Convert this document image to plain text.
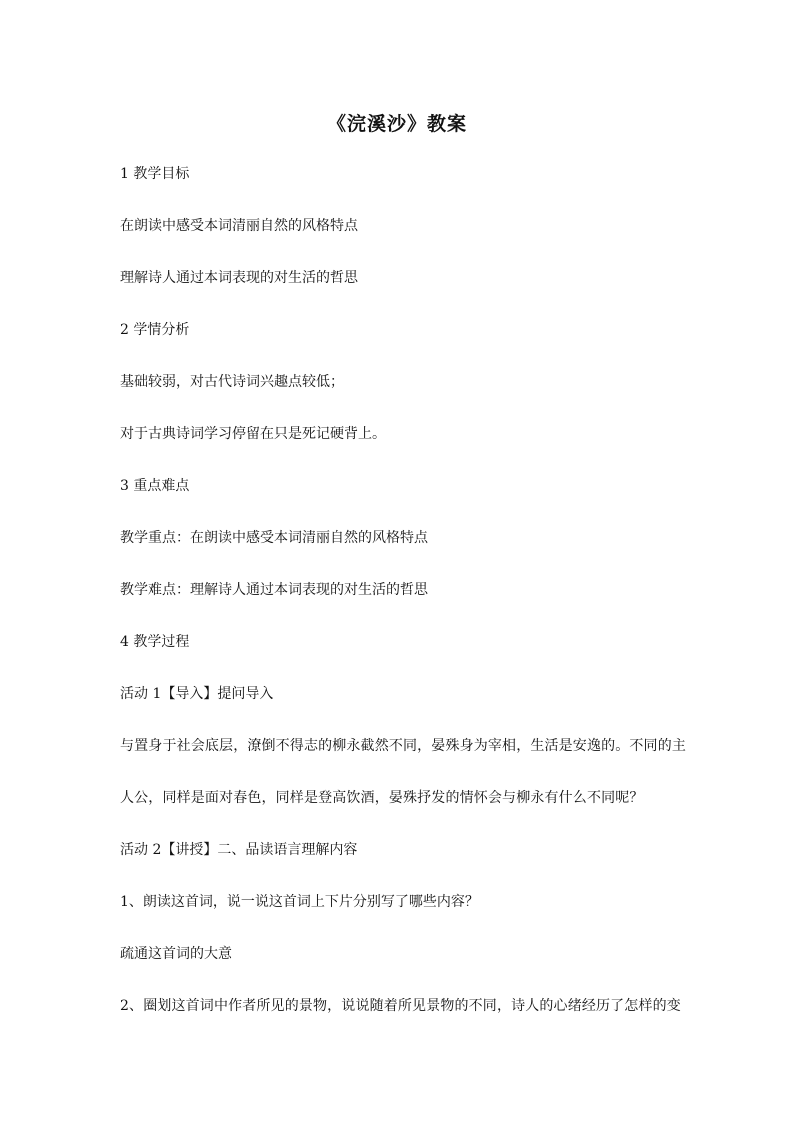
《浣溪沙》教案
1 教学目标
在朗读中感受本词清丽自然的风格特点
理解诗人通过本词表现的对生活的哲思
2 学情分析
基础较弱，对古代诗词兴趣点较低；
对于古典诗词学习停留在只是死记硬背上。
3 重点难点
教学重点：在朗读中感受本词清丽自然的风格特点
教学难点：理解诗人通过本词表现的对生活的哲思
4 教学过程
活动 1【导入】提问导入
与置身于社会底层，潦倒不得志的柳永截然不同，晏殊身为宰相，生活是安逸的。不同的主
人公，同样是面对春色，同样是登高饮酒，晏殊抒发的情怀会与柳永有什么不同呢？
活动 2【讲授】二、品读语言理解内容
1、朗读这首词，说一说这首词上下片分别写了哪些内容？
疏通这首词的大意
2、圈划这首词中作者所见的景物，说说随着所见景物的不同，诗人的心绪经历了怎样的变
